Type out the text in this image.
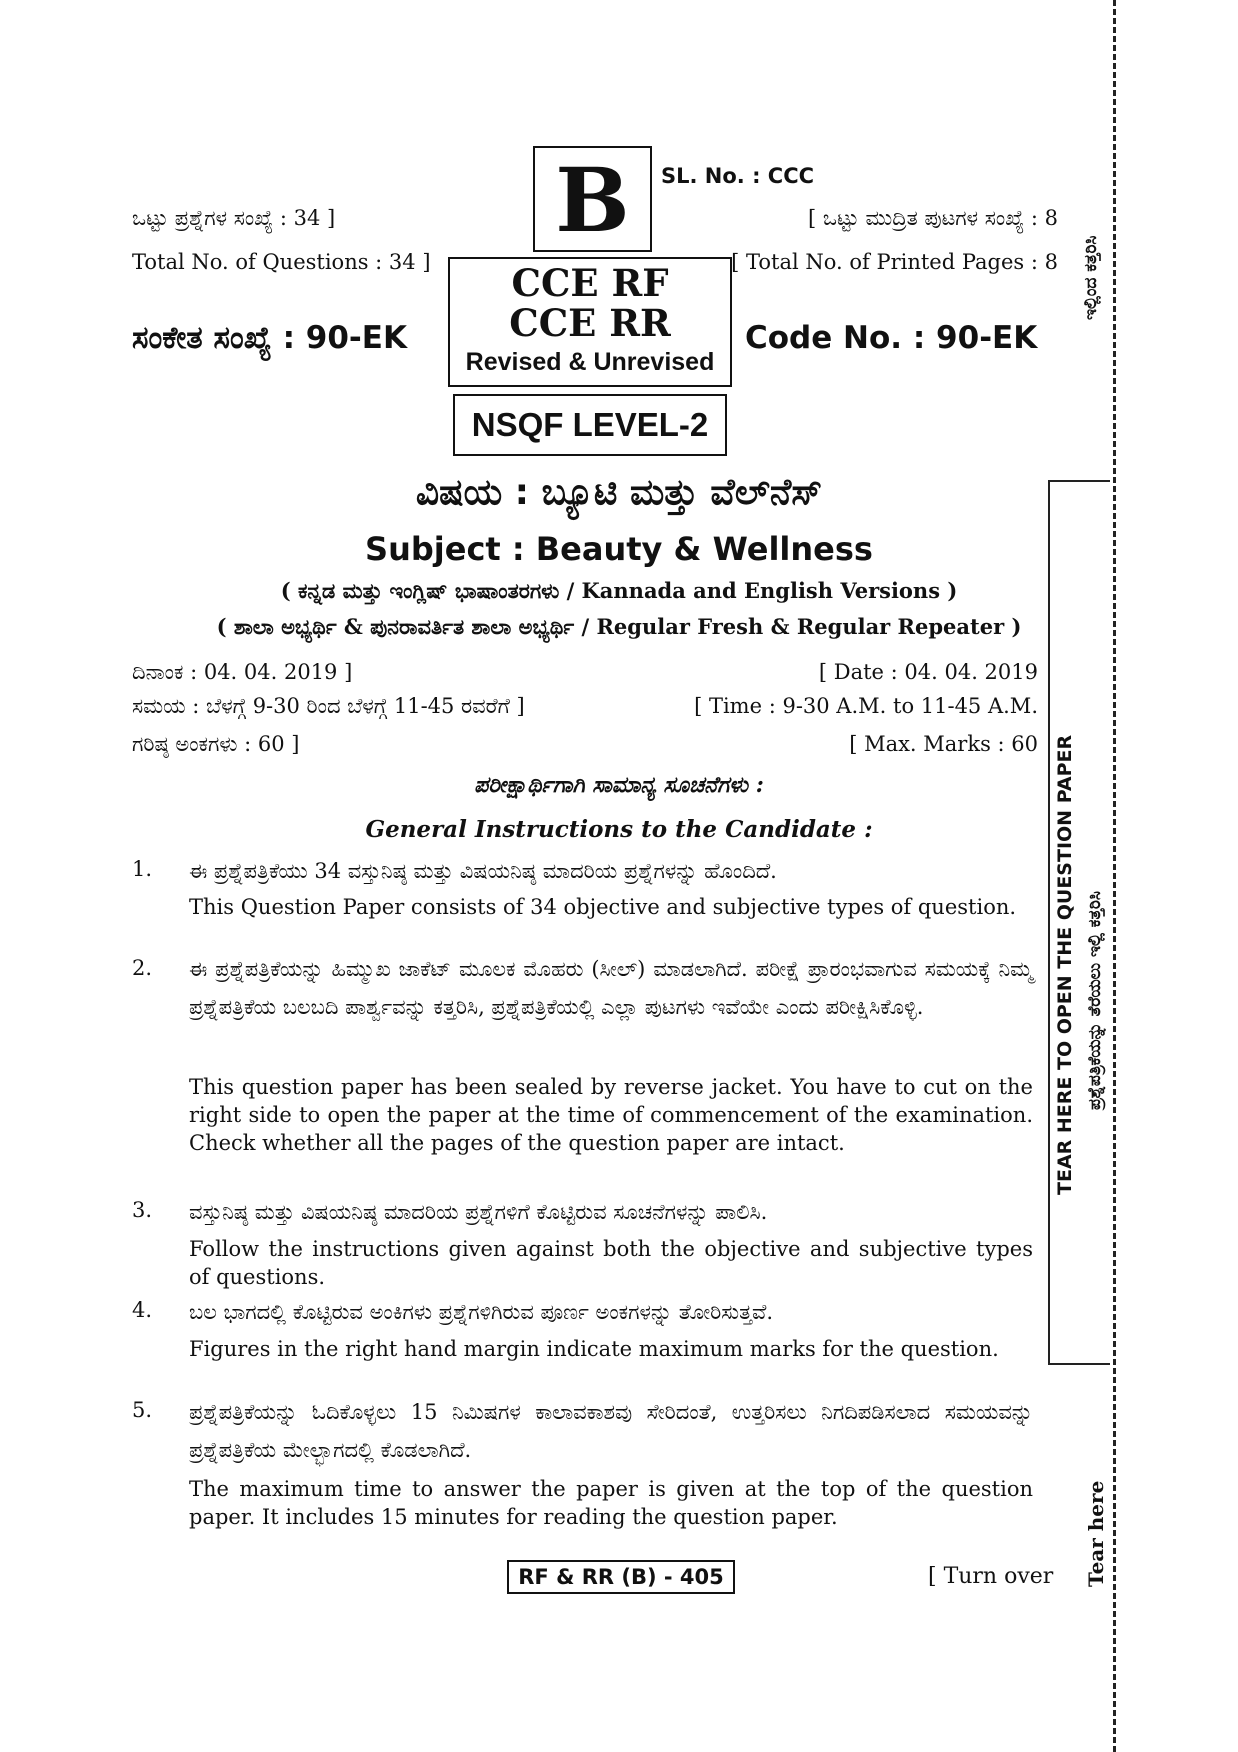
B	SL. No. : CCC
ಒಟ್ಟು ಪ್ರಶ್ನೆಗಳ ಸಂಖ್ಯೆ : 34 ]
Total No. of Questions : 34 ]
[ ಒಟ್ಟು ಮುದ್ರಿತ ಪುಟಗಳ ಸಂಖ್ಯೆ : 8
[ Total No. of Printed Pages : 8
CCE RF
CCE RR
Revised & Unrevised
ಸಂಕೇತ ಸಂಖ್ಯೆ : 90-EK	Code No. : 90-EK
NSQF LEVEL-2
ವಿಷಯ : ಬ್ಯೂಟಿ ಮತ್ತು ವೆಲ್‌ನೆಸ್
Subject : Beauty & Wellness
( ಕನ್ನಡ ಮತ್ತು ಇಂಗ್ಲಿಷ್ ಭಾಷಾಂತರಗಳು / Kannada and English Versions )
( ಶಾಲಾ ಅಭ್ಯರ್ಥಿ & ಪುನರಾವರ್ತಿತ ಶಾಲಾ ಅಭ್ಯರ್ಥಿ / Regular Fresh & Regular Repeater )
ದಿನಾಂಕ : 04. 04. 2019 ]	[ Date : 04. 04. 2019
ಸಮಯ : ಬೆಳಗ್ಗೆ 9-30 ರಿಂದ ಬೆಳಗ್ಗೆ 11-45 ರವರೆಗೆ ]	[ Time : 9-30 A.M. to 11-45 A.M.
ಗರಿಷ್ಠ ಅಂಕಗಳು : 60 ]	[ Max. Marks : 60
ಪರೀಕ್ಷಾರ್ಥಿಗಾಗಿ ಸಾಮಾನ್ಯ ಸೂಚನೆಗಳು :
General Instructions to the Candidate :
1.	ಈ ಪ್ರಶ್ನೆಪತ್ರಿಕೆಯು 34 ವಸ್ತುನಿಷ್ಠ ಮತ್ತು ವಿಷಯನಿಷ್ಠ ಮಾದರಿಯ ಪ್ರಶ್ನೆಗಳನ್ನು ಹೊಂದಿದೆ.
This Question Paper consists of 34 objective and subjective types of question.
2.	ಈ ಪ್ರಶ್ನೆಪತ್ರಿಕೆಯನ್ನು ಹಿಮ್ಮುಖ ಜಾಕೆಟ್ ಮೂಲಕ ಮೊಹರು (ಸೀಲ್) ಮಾಡಲಾಗಿದೆ. ಪರೀಕ್ಷೆ ಪ್ರಾರಂಭವಾಗುವ ಸಮಯಕ್ಕೆ ನಿಮ್ಮ ಪ್ರಶ್ನೆಪತ್ರಿಕೆಯ ಬಲಬದಿ ಪಾರ್ಶ್ವವನ್ನು ಕತ್ತರಿಸಿ, ಪ್ರಶ್ನೆಪತ್ರಿಕೆಯಲ್ಲಿ ಎಲ್ಲಾ ಪುಟಗಳು ಇವೆಯೇ ಎಂದು ಪರೀಕ್ಷಿಸಿಕೊಳ್ಳಿ.
This question paper has been sealed by reverse jacket. You have to cut on the right side to open the paper at the time of commencement of the examination. Check whether all the pages of the question paper are intact.
3.	ವಸ್ತುನಿಷ್ಠ ಮತ್ತು ವಿಷಯನಿಷ್ಠ ಮಾದರಿಯ ಪ್ರಶ್ನೆಗಳಿಗೆ ಕೊಟ್ಟಿರುವ ಸೂಚನೆಗಳನ್ನು ಪಾಲಿಸಿ.
Follow the instructions given against both the objective and subjective types of questions.
4.	ಬಲ ಭಾಗದಲ್ಲಿ ಕೊಟ್ಟಿರುವ ಅಂಕಿಗಳು ಪ್ರಶ್ನೆಗಳಿಗಿರುವ ಪೂರ್ಣ ಅಂಕಗಳನ್ನು ತೋರಿಸುತ್ತವೆ.
Figures in the right hand margin indicate maximum marks for the question.
5.	ಪ್ರಶ್ನೆಪತ್ರಿಕೆಯನ್ನು ಓದಿಕೊಳ್ಳಲು 15 ನಿಮಿಷಗಳ ಕಾಲಾವಕಾಶವು ಸೇರಿದಂತೆ, ಉತ್ತರಿಸಲು ನಿಗದಿಪಡಿಸಲಾದ ಸಮಯವನ್ನು ಪ್ರಶ್ನೆಪತ್ರಿಕೆಯ ಮೇಲ್ಭಾಗದಲ್ಲಿ ಕೊಡಲಾಗಿದೆ.
The maximum time to answer the paper is given at the top of the question paper. It includes 15 minutes for reading the question paper.
RF & RR (B) - 405	[ Turn over
TEAR HERE TO OPEN THE QUESTION PAPER ಪ್ರಶ್ನೆಪತ್ರಿಕೆಯನ್ನು ತೆರೆಯಲು ಇಲ್ಲಿ ಕತ್ತರಿಸಿ
ಇಲ್ಲಿಂದ ಕತ್ತರಿಸಿ
Tear here
